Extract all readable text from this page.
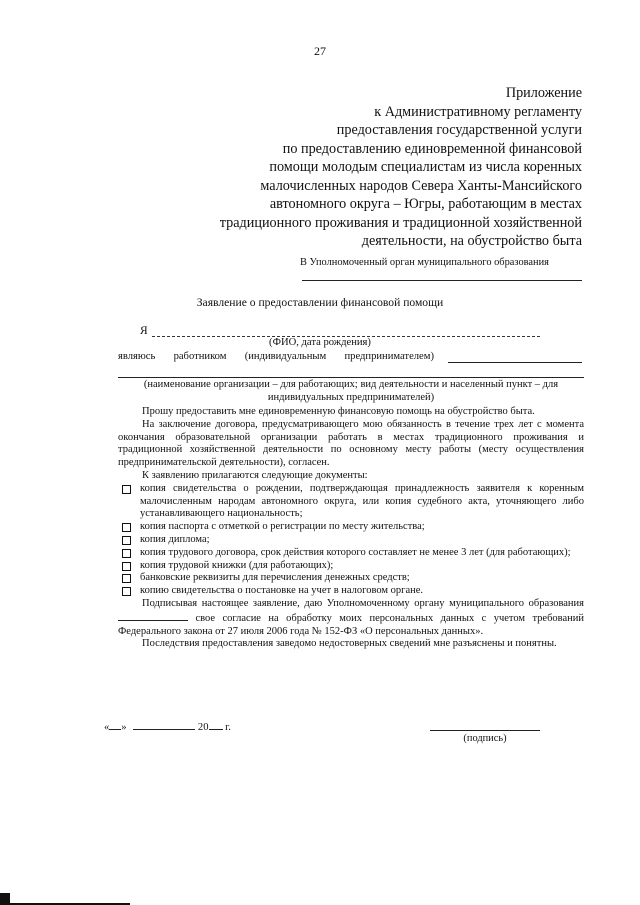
27
Приложение
к Административному регламенту
предоставления государственной услуги
по предоставлению единовременной финансовой
помощи молодым специалистам из числа коренных
малочисленных народов Севера Ханты-Мансийского
автономного округа – Югры, работающим в местах
традиционного проживания и традиционной хозяйственной
деятельности, на обустройство быта
В Уполномоченный орган муниципального образования
Заявление о предоставлении финансовой помощи
Я
(ФИО, дата рождения)
являюсь работником (индивидуальным предпринимателем)
(наименование организации – для работающих; вид деятельности и населенный пункт – для
индивидуальных предпринимателей)

Прошу предоставить мне единовременную финансовую помощь на обустройство быта.

На заключение договора, предусматривающего мою обязанность в течение трех лет с момента окончания образовательной организации работать в местах традиционного проживания и традиционной хозяйственной деятельности по основному месту работы (месту осуществления предпринимательской деятельности), согласен.

К заявлению прилагаются следующие документы:

копия свидетельства о рождении, подтверждающая принадлежность заявителя к коренным малочисленным народам автономного округа, или копия судебного акта, уточняющего либо устанавливающего национальность;
копия паспорта с отметкой о регистрации по месту жительства;
копия диплома;
копия трудового договора, срок действия которого составляет не менее 3 лет (для работающих);
копия трудовой книжки (для работающих);
банковские реквизиты для перечисления денежных средств;
копию свидетельства о постановке на учет в налоговом органе.

Подписывая настоящее заявление, даю Уполномоченному органу муниципального образования  свое согласие на обработку моих персональных данных с учетом требований Федерального закона от 27 июля 2006 года № 152-ФЗ «О персональных данных».

Последствия предоставления заведомо недостоверных сведений мне разъяснены и понятны.

« »	20 г.
(подпись)
